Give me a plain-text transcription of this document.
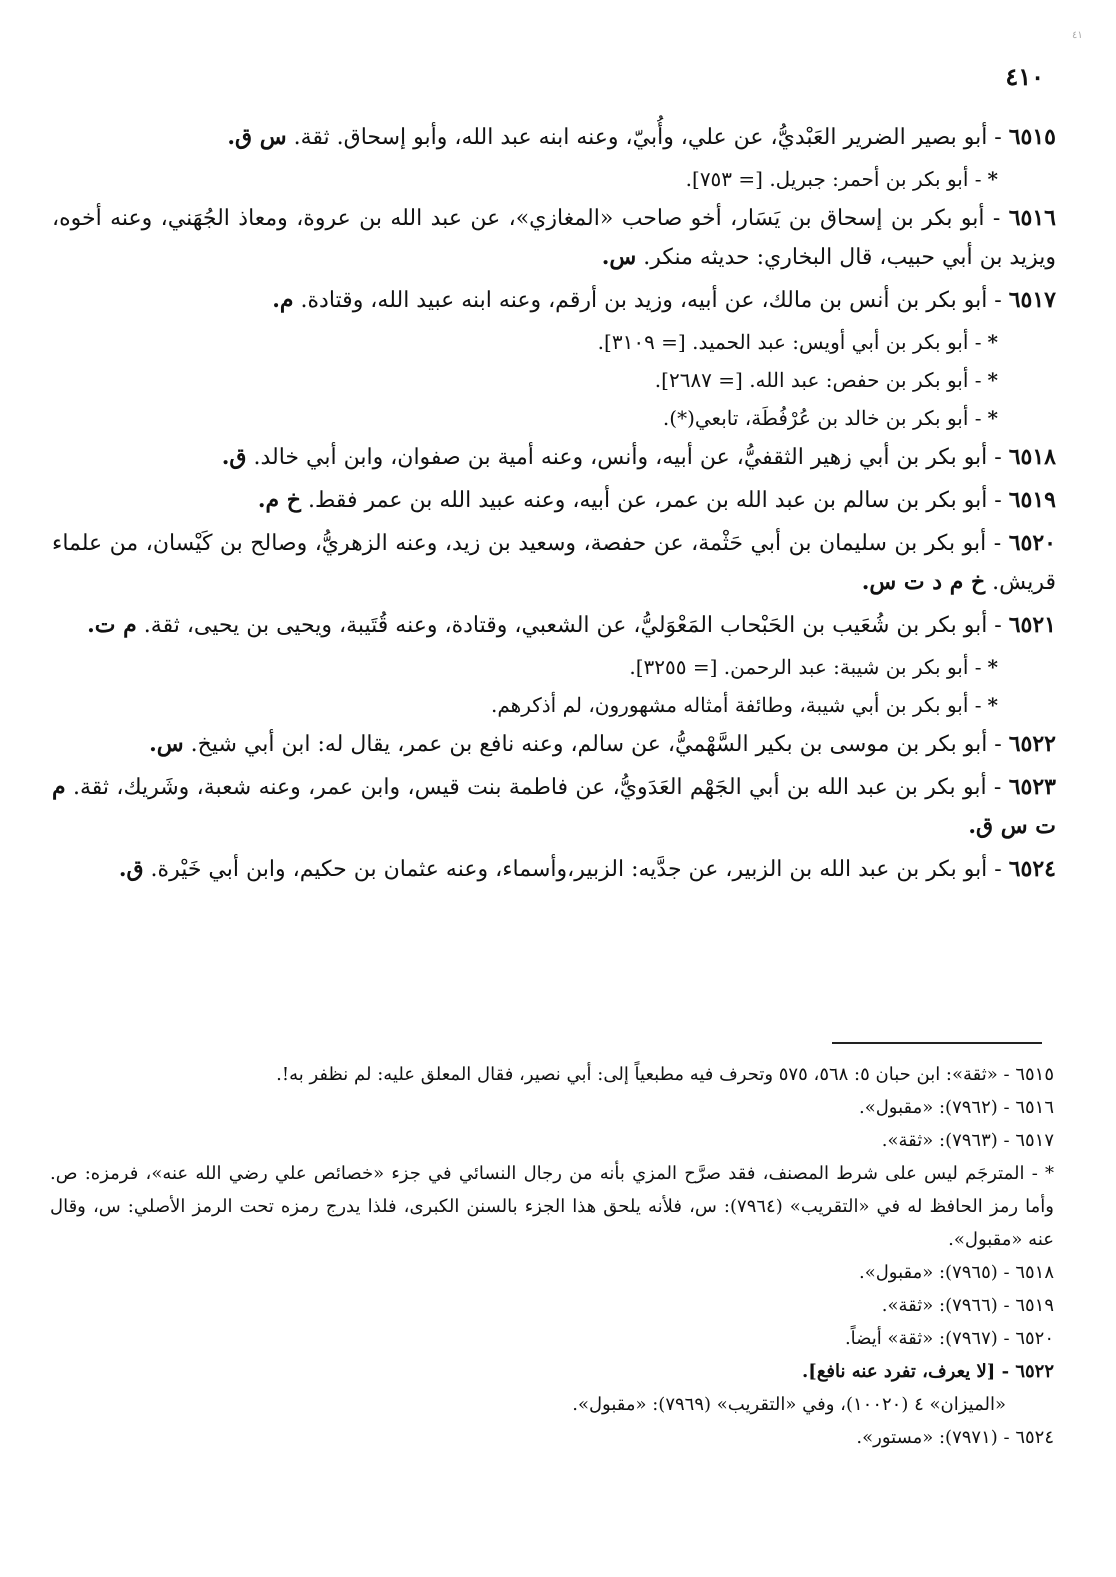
٤١
٤١٠

٦٥١٥ - أبو بصير الضرير العَبْديُّ، عن علي، وأُبيّ، وعنه ابنه عبد الله، وأبو إسحاق. ثقة. س ق.

*- أبو بكر بن أحمر: جبريل. [= ٧٥٣].

٦٥١٦ - أبو بكر بن إسحاق بن يَسَار، أخو صاحب «المغازي»، عن عبد الله بن عروة، ومعاذ الجُهَني، وعنه أخوه، ويزيد بن أبي حبيب، قال البخاري: حديثه منكر. س.

٦٥١٧ - أبو بكر بن أنس بن مالك، عن أبيه، وزيد بن أرقم، وعنه ابنه عبيد الله، وقتادة. م.

*- أبو بكر بن أبي أويس: عبد الحميد. [= ٣١٠٩].

*- أبو بكر بن حفص: عبد الله. [= ٢٦٨٧].

*- أبو بكر بن خالد بن عُرْفُطَة، تابعي(*).

٦٥١٨ - أبو بكر بن أبي زهير الثقفيُّ، عن أبيه، وأنس، وعنه أمية بن صفوان، وابن أبي خالد. ق.

٦٥١٩ - أبو بكر بن سالم بن عبد الله بن عمر، عن أبيه، وعنه عبيد الله بن عمر فقط. خ م.

٦٥٢٠ - أبو بكر بن سليمان بن أبي حَثْمة، عن حفصة، وسعيد بن زيد، وعنه الزهريُّ، وصالح بن كَيْسان، من علماء قريش. خ م د ت س.

٦٥٢١ - أبو بكر بن شُعَيب بن الحَبْحاب المَعْوَليُّ، عن الشعبي، وقتادة، وعنه قُتَيبة، ويحيى بن يحيى، ثقة. م ت.

*- أبو بكر بن شيبة: عبد الرحمن. [= ٣٢٥٥].

*- أبو بكر بن أبي شيبة، وطائفة أمثاله مشهورون، لم أذكرهم.

٦٥٢٢ - أبو بكر بن موسى بن بكير السَّهْميُّ، عن سالم، وعنه نافع بن عمر، يقال له: ابن أبي شيخ. س.

٦٥٢٣ - أبو بكر بن عبد الله بن أبي الجَهْم العَدَويُّ، عن فاطمة بنت قيس، وابن عمر، وعنه شعبة، وشَريك، ثقة. م ت س ق.

٦٥٢٤ - أبو بكر بن عبد الله بن الزبير، عن جدَّيه: الزبير،وأسماء، وعنه عثمان بن حكيم، وابن أبي خَيْرة. ق.

٦٥١٥ - «ثقة»: ابن حبان ٥: ٥٦٨، ٥٧٥ وتحرف فيه مطبعياً إلى: أبي نصير، فقال المعلق عليه: لم نظفر به!.

٦٥١٦ - (٧٩٦٢): «مقبول».

٦٥١٧ - (٧٩٦٣): «ثقة».

* - المترجَم ليس على شرط المصنف، فقد صرَّح المزي بأنه من رجال النسائي في جزء «خصائص علي رضي الله عنه»، فرمزه: ص. وأما رمز الحافظ له في «التقريب» (٧٩٦٤): س، فلأنه يلحق هذا الجزء بالسنن الكبرى، فلذا يدرج رمزه تحت الرمز الأصلي: س، وقال عنه «مقبول».

٦٥١٨ - (٧٩٦٥): «مقبول».

٦٥١٩ - (٧٩٦٦): «ثقة».

٦٥٢٠ - (٧٩٦٧): «ثقة» أيضاً.

٦٥٢٢ - [لا يعرف، تفرد عنه نافع].

«الميزان» ٤ (١٠٠٢٠)، وفي «التقريب» (٧٩٦٩): «مقبول».

٦٥٢٤ - (٧٩٧١): «مستور».
